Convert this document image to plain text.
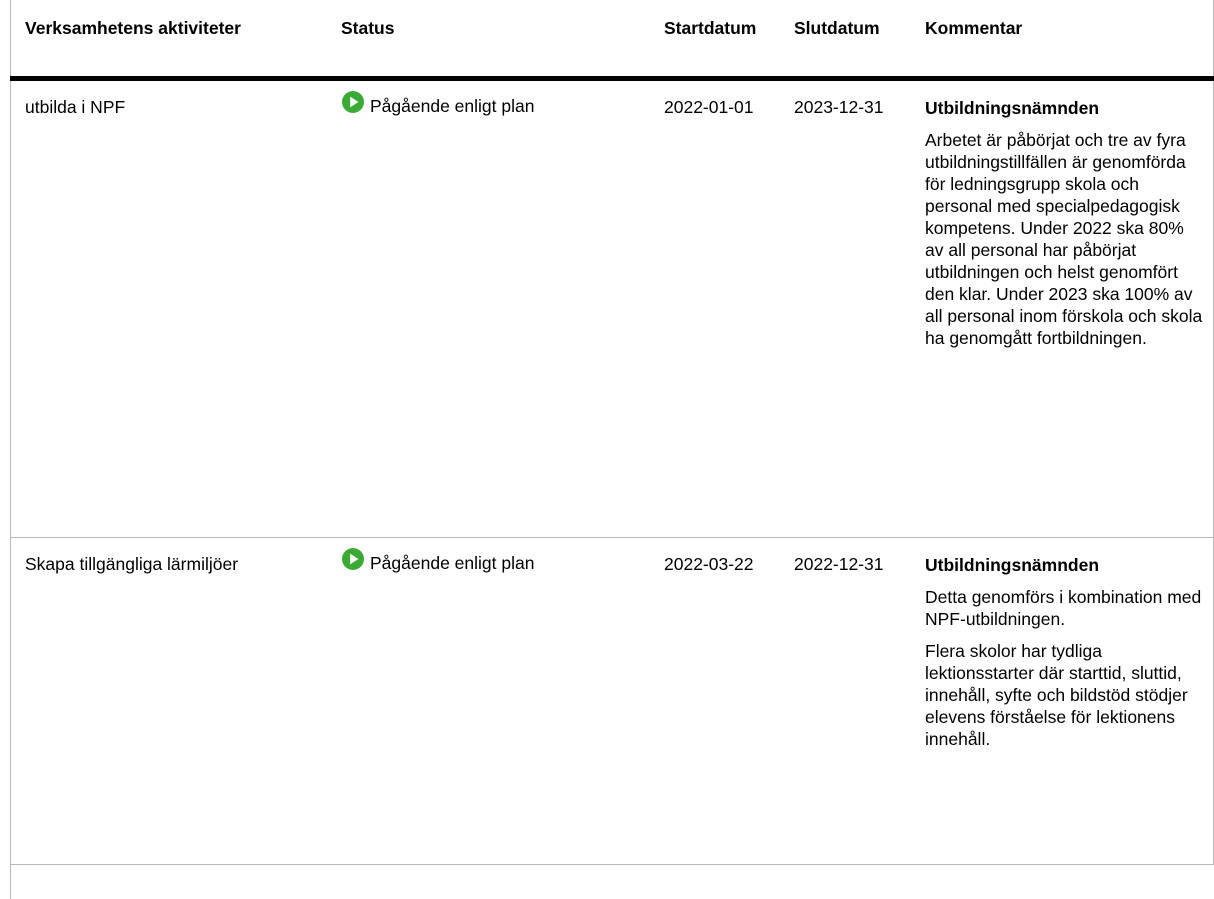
Verksamhetens aktiviteter	Status	Startdatum	Slutdatum	Kommentar
utbilda i NPF	Pågående enligt plan	2022-01-01	2023-12-31	Utbildningsnämnden

Arbetet är påbörjat och tre av fyra utbildningstillfällen är genomförda för ledningsgrupp skola och personal med specialpedagogisk kompetens. Under 2022 ska 80% av all personal har påbörjat utbildningen och helst genomfört den klar. Under 2023 ska 100% av all personal inom förskola och skola ha genomgått fortbildningen.

Skapa tillgängliga lärmiljöer	Pågående enligt plan	2022-03-22	2022-12-31	Utbildningsnämnden

Detta genomförs i kombination med NPF-utbildningen.

Flera skolor har tydliga lektionsstarter där starttid, sluttid, innehåll, syfte och bildstöd stödjer elevens förståelse för lektionens innehåll.
